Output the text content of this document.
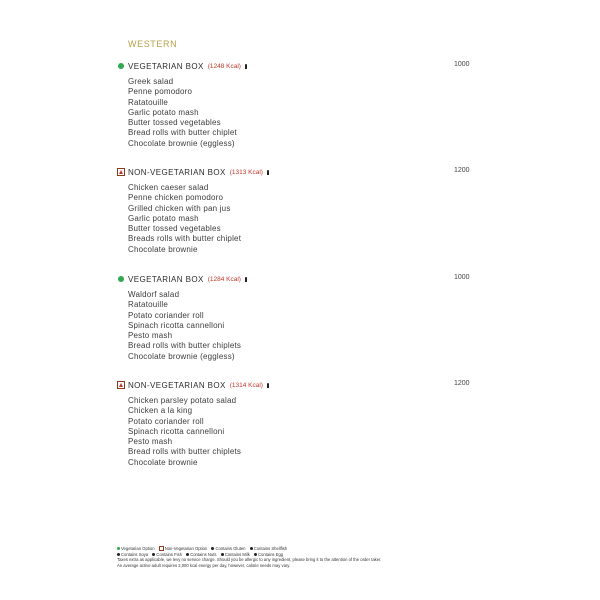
WESTERN
VEGETARIAN BOX (1248 Kcal)	1000
Greek salad
Penne pomodoro
Ratatouille
Garlic potato mash
Butter tossed vegetables
Bread rolls with butter chiplet
Chocolate brownie (eggless)
NON-VEGETARIAN BOX (1313 Kcal)	1200
Chicken caeser salad
Penne chicken pomodoro
Grilled chicken with pan jus
Garlic potato mash
Butter tossed vegetables
Breads rolls with butter chiplet
Chocolate brownie
VEGETARIAN BOX (1284 Kcal)	1000
Waldorf salad
Ratatouille
Potato coriander roll
Spinach ricotta cannelloni
Pesto mash
Bread rolls with butter chiplets
Chocolate brownie (eggless)
NON-VEGETARIAN BOX (1314 Kcal)	1200
Chicken parsley potato salad
Chicken a la king
Potato coriander roll
Spinach ricotta cannelloni
Pesto mash
Bread rolls with butter chiplets
Chocolate brownie
Vegetarian Option Non-Vegetarian Option Contains Gluten Contains Shellfish
Contains Soya Contains Fish Contains Nuts Contains Milk Contains Egg
Taxes extra as applicable, we levy no service charge. Should you be allergic to any ingredient, please bring it to the attention of the order taker.
An average active adult requires 2,000 kcal energy per day, however, calorie needs may vary.
